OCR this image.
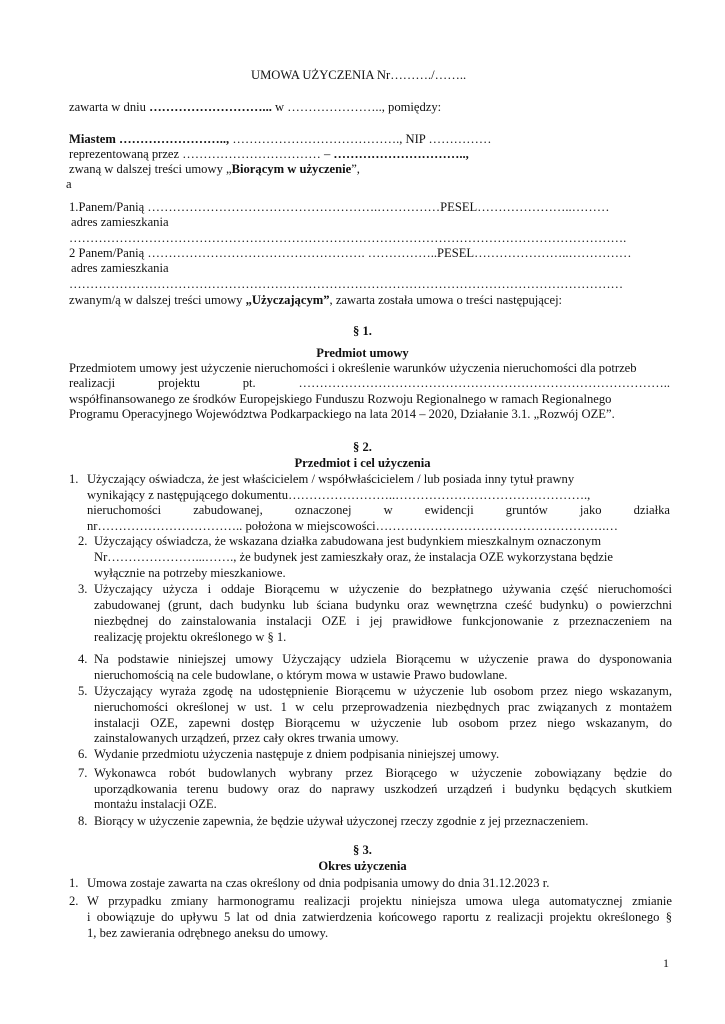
UMOWA UŻYCZENIA Nr………./……..
zawarta w dniu ………………………... w ………………….., pomiędzy:
Miastem …………………….., …………………………………., NIP ……………
reprezentowaną przez …………………………… – …………………………..,
zwaną w dalszej treści umowy „Biorącym w użyczenie”,
a
1.Panem/Panią ……………………………………………….……………PESEL…………………..………
adres zamieszkania
…………………………………………………………………………………………………………………….
2 Panem/Panią ……………………………………………. ……………..PESEL…………………..……………
adres zamieszkania
……………………………………………………………………………………………………………………
zwanym/ą w dalszej treści umowy „Użyczającym”, zawarta została umowa o treści następującej:
§ 1.
Predmiot umowy
Przedmiotem umowy jest użyczenie nieruchomości i określenie warunków użyczenia nieruchomości dla potrzeb
realizacji projektu pt. ……………………………………………………………………………..
współfinansowanego ze środków Europejskiego Funduszu Rozwoju Regionalnego w ramach Regionalnego
Programu Operacyjnego Województwa Podkarpackiego na lata 2014 – 2020, Działanie 3.1. „Rozwój OZE”.
§ 2.
Przedmiot i cel użyczenia
1. Użyczający oświadcza, że jest właścicielem / współwłaścicielem / lub posiada inny tytuł prawny
wynikający z następującego dokumentu……………………..……………………………………….,
nieruchomości zabudowanej, oznaczonej w ewidencji gruntów jako działka
nr…………………………….. położona w miejscowości……………………………………………….…
2. Użyczający oświadcza, że wskazana działka zabudowana jest budynkiem mieszkalnym oznaczonym
Nr…………………...……., że budynek jest zamieszkały oraz, że instalacja OZE wykorzystana będzie
wyłącznie na potrzeby mieszkaniowe.
3. Użyczający użycza i oddaje Biorącemu w użyczenie do bezpłatnego używania część nieruchomości
zabudowanej (grunt, dach budynku lub ściana budynku oraz wewnętrzna cześć budynku) o powierzchni
niezbędnej do zainstalowania instalacji OZE i jej prawidłowe funkcjonowanie z przeznaczeniem na
realizację projektu określonego w § 1.
4. Na podstawie niniejszej umowy Użyczający udziela Biorącemu w użyczenie prawa do dysponowania
nieruchomością na cele budowlane, o którym mowa w ustawie Prawo budowlane.
5. Użyczający wyraża zgodę na udostępnienie Biorącemu w użyczenie lub osobom przez niego wskazanym,
nieruchomości określonej w ust. 1 w celu przeprowadzenia niezbędnych prac związanych z montażem
instalacji OZE, zapewni dostęp Biorącemu w użyczenie lub osobom przez niego wskazanym, do
zainstalowanych urządzeń, przez cały okres trwania umowy.
6. Wydanie przedmiotu użyczenia następuje z dniem podpisania niniejszej umowy.
7. Wykonawca robót budowlanych wybrany przez Biorącego w użyczenie zobowiązany będzie do
uporządkowania terenu budowy oraz do naprawy uszkodzeń urządzeń i budynku będących skutkiem
montażu instalacji OZE.
8. Biorący w użyczenie zapewnia, że będzie używał użyczonej rzeczy zgodnie z jej przeznaczeniem.
§ 3.
Okres użyczenia
1. Umowa zostaje zawarta na czas określony od dnia podpisania umowy do dnia 31.12.2023 r.
2. W przypadku zmiany harmonogramu realizacji projektu niniejsza umowa ulega automatycznej zmianie
i obowiązuje do upływu 5 lat od dnia zatwierdzenia końcowego raportu z realizacji projektu określonego §
1, bez zawierania odrębnego aneksu do umowy.
1
